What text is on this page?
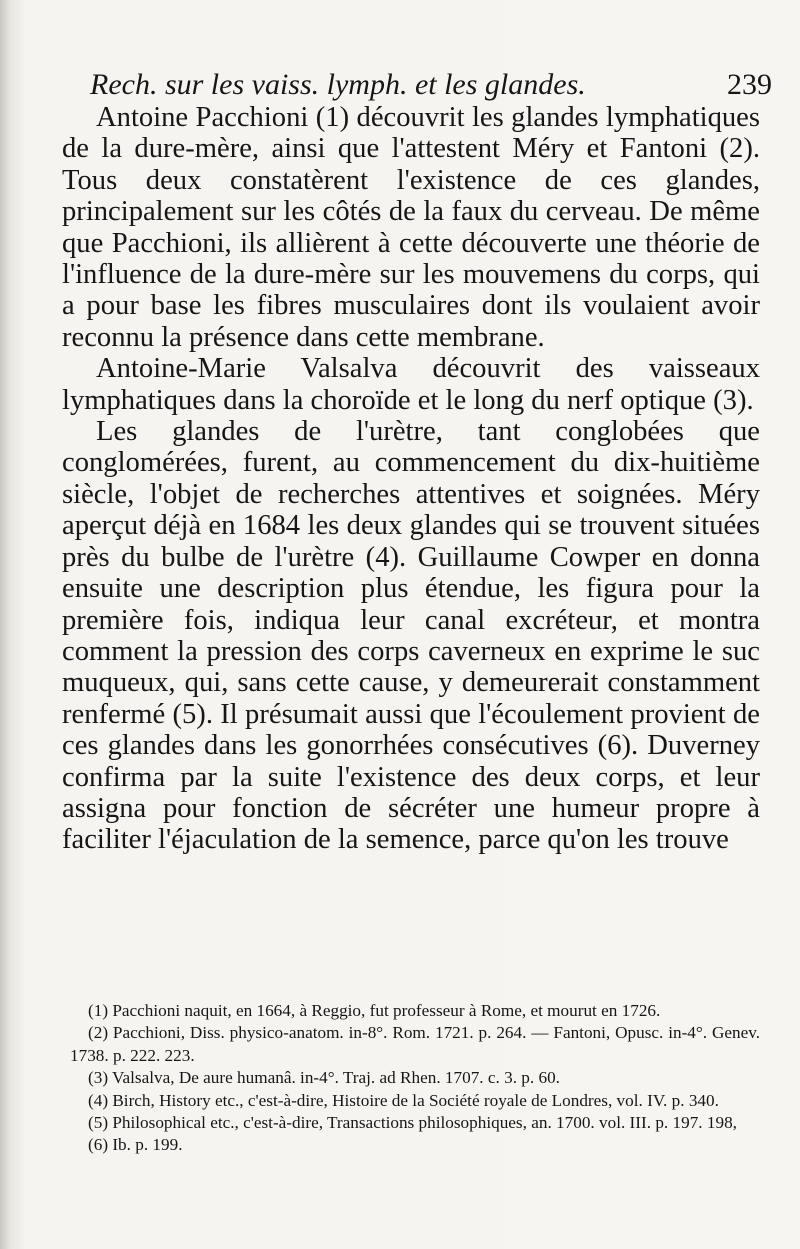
Rech. sur les vaiss. lymph. et les glandes.	239

Antoine Pacchioni (1) découvrit les glandes lymphatiques de la dure-mère, ainsi que l'attestent Méry et Fantoni (2). Tous deux constatèrent l'existence de ces glandes, principalement sur les côtés de la faux du cerveau. De même que Pacchioni, ils allièrent à cette découverte une théorie de l'influence de la dure-mère sur les mouvemens du corps, qui a pour base les fibres musculaires dont ils voulaient avoir reconnu la présence dans cette membrane.

Antoine-Marie Valsalva découvrit des vaisseaux lymphatiques dans la choroïde et le long du nerf optique (3).

Les glandes de l'urètre, tant conglobées que conglomérées, furent, au commencement du dix-huitième siècle, l'objet de recherches attentives et soignées. Méry aperçut déjà en 1684 les deux glandes qui se trouvent situées près du bulbe de l'urètre (4). Guillaume Cowper en donna ensuite une description plus étendue, les figura pour la première fois, indiqua leur canal excréteur, et montra comment la pression des corps caverneux en exprime le suc muqueux, qui, sans cette cause, y demeurerait constamment renfermé (5). Il présumait aussi que l'écoulement provient de ces glandes dans les gonorrhées consécutives (6). Duverney confirma par la suite l'existence des deux corps, et leur assigna pour fonction de sécréter une humeur propre à faciliter l'éjaculation de la semence, parce qu'on les trouve

(1) Pacchioni naquit, en 1664, à Reggio, fut professeur à Rome, et mourut en 1726.

(2) Pacchioni, Diss. physico-anatom. in-8°. Rom. 1721. p. 264. — Fantoni, Opusc. in-4°. Genev. 1738. p. 222. 223.

(3) Valsalva, De aure humanâ. in-4°. Traj. ad Rhen. 1707. c. 3. p. 60.

(4) Birch, History etc., c'est-à-dire, Histoire de la Société royale de Londres, vol. IV. p. 340.

(5) Philosophical etc., c'est-à-dire, Transactions philosophiques, an. 1700. vol. III. p. 197. 198,

(6) Ib. p. 199.
